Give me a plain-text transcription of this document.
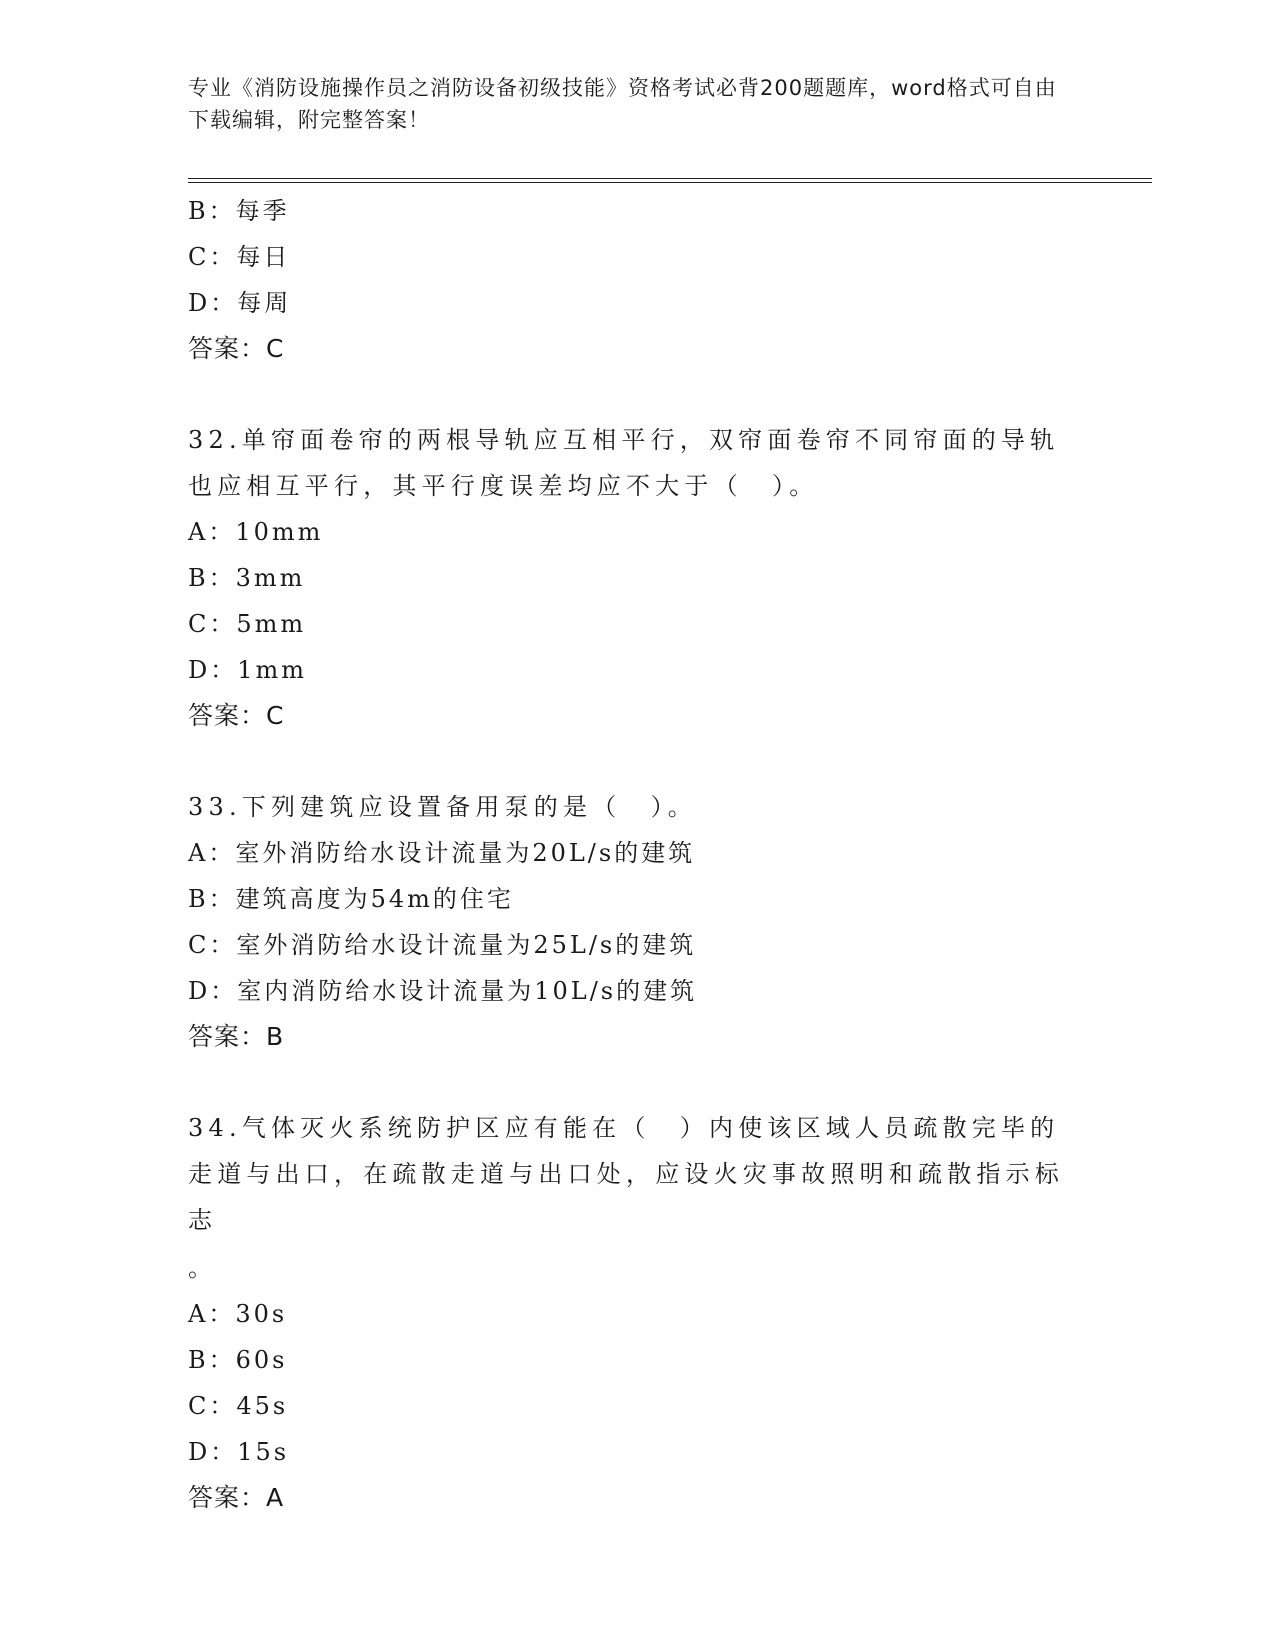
专业《消防设施操作员之消防设备初级技能》资格考试必背200题题库，word格式可自由下载编辑，附完整答案！
B：每季
C：每日
D：每周
答案：C
32.单帘面卷帘的两根导轨应互相平行，双帘面卷帘不同帘面的导轨也应相互平行，其平行度误差均应不大于（　）。
A：10mm
B：3mm
C：5mm
D：1mm
答案：C
33.下列建筑应设置备用泵的是（　）。
A：室外消防给水设计流量为20L/s的建筑
B：建筑高度为54m的住宅
C：室外消防给水设计流量为25L/s的建筑
D：室内消防给水设计流量为10L/s的建筑
答案：B
34.气体灭火系统防护区应有能在（　）内使该区域人员疏散完毕的走道与出口，在疏散走道与出口处，应设火灾事故照明和疏散指示标志
。
A：30s
B：60s
C：45s
D：15s
答案：A
